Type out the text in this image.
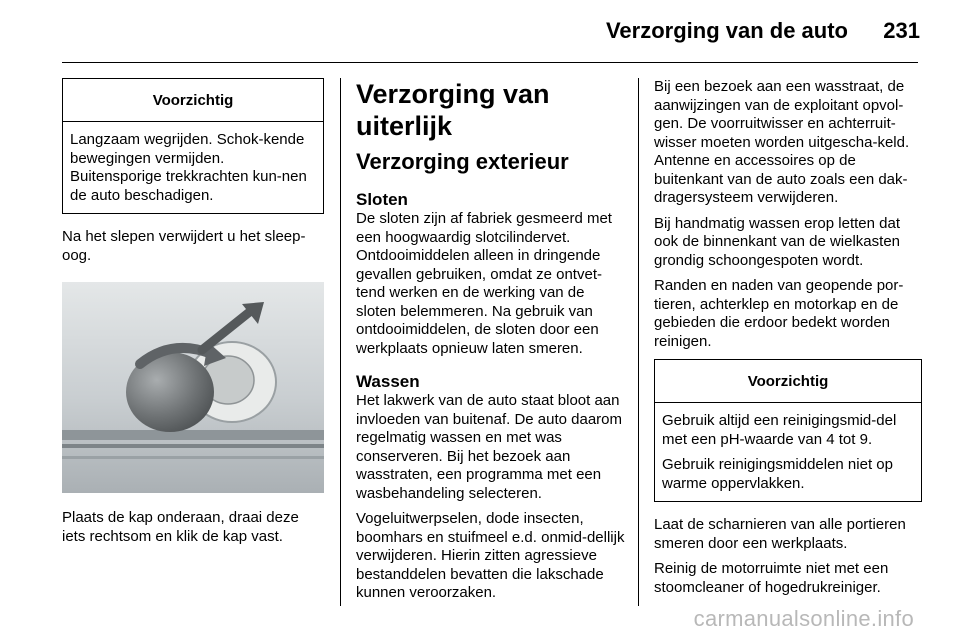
Verzorging van de auto 231
Voorzichtig

Langzaam wegrijden. Schok-kende bewegingen vermijden. Buitensporige trekkrachten kun-nen de auto beschadigen.

Na het slepen verwijdert u het sleep-oog.

Plaats de kap onderaan, draai deze iets rechtsom en klik de kap vast.

Verzorging van uiterlijk
Verzorging exterieur
Sloten

De sloten zijn af fabriek gesmeerd met een hoogwaardig slotcilindervet. Ontdooimiddelen alleen in dringende gevallen gebruiken, omdat ze ontvet-tend werken en de werking van de sloten belemmeren. Na gebruik van ontdooimiddelen, de sloten door een werkplaats opnieuw laten smeren.

Wassen

Het lakwerk van de auto staat bloot aan invloeden van buitenaf. De auto daarom regelmatig wassen en met was conserveren. Bij het bezoek aan wasstraten, een programma met een wasbehandeling selecteren.

Vogeluitwerpselen, dode insecten, boomhars en stuifmeel e.d. onmid-dellijk verwijderen. Hierin zitten agressieve bestanddelen bevatten die lakschade kunnen veroorzaken.

Bij een bezoek aan een wasstraat, de aanwijzingen van de exploitant opvol-gen. De voorruitwisser en achterruit-wisser moeten worden uitgescha-keld. Antenne en accessoires op de buitenkant van de auto zoals een dak-dragersysteem verwijderen.

Bij handmatig wassen erop letten dat ook de binnenkant van de wielkasten grondig schoongespoten wordt.

Randen en naden van geopende por-tieren, achterklep en motorkap en de gebieden die erdoor bedekt worden reinigen.

Voorzichtig

Gebruik altijd een reinigingsmid-del met een pH-waarde van 4 tot 9.

Gebruik reinigingsmiddelen niet op warme oppervlakken.

Laat de scharnieren van alle portieren smeren door een werkplaats.

Reinig de motorruimte niet met een stoomcleaner of hogedrukreiniger.

carmanualsonline.info
